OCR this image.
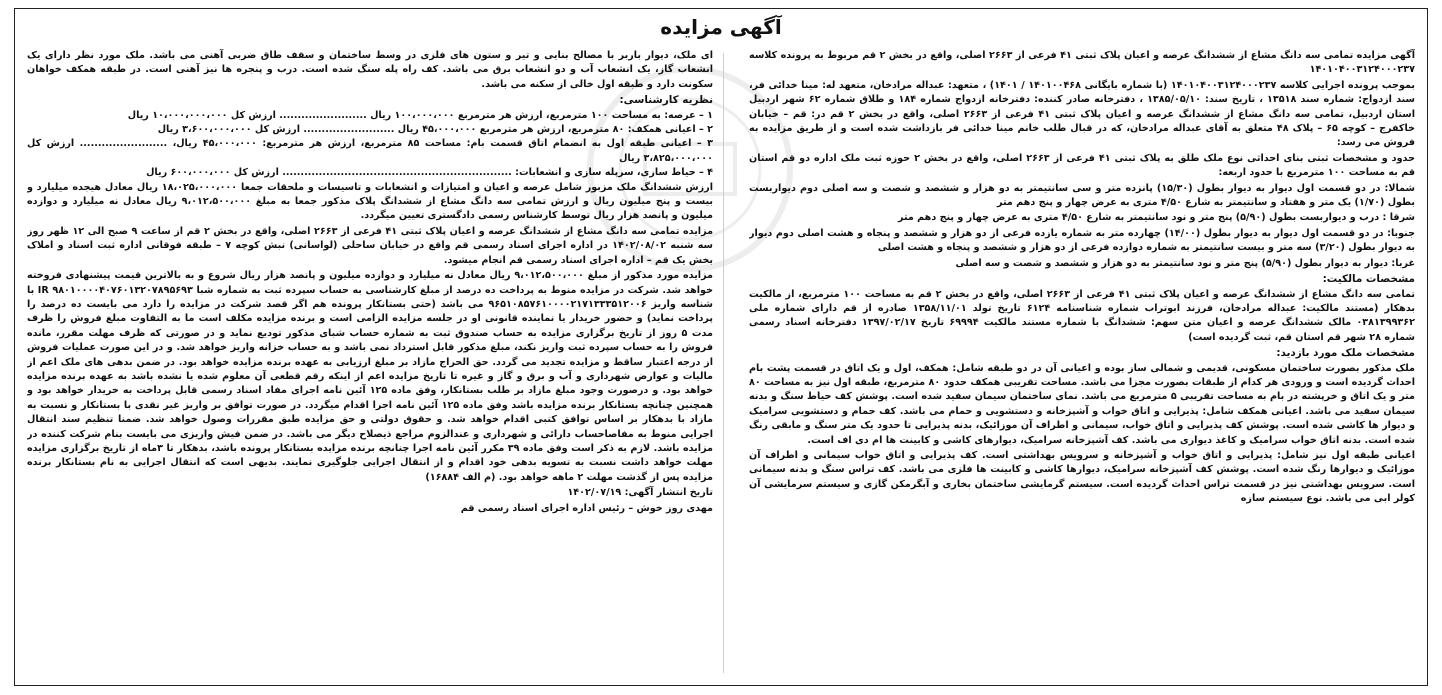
آگهی مزایده

آگهی مزایده تمامی سه دانگ مشاع از ششدانگ عرصه و اعیان پلاک ثبتی ۴۱ فرعی از ۲۶۶۳ اصلی، واقع در بخش ۲ قم مربوط به پرونده کلاسه ۱۴۰۱۰۴۰۰۳۱۲۴۰۰۰۲۳۷

بموجب پرونده اجرایی کلاسه ۱۴۰۱۰۴۰۰۳۱۲۴۰۰۰۲۳۷ (با شماره بایگانی ۱۴۰۱۰۰۴۶۸ / ۱۴۰۱) ، متعهد: عبداله مرادخان، متعهد له: مینا خدائی فر، سند ازدواج: شماره سند ۱۳۵۱۸ ، تاریخ سند: ۱۳۸۵/۰۵/۱۰ ، دفترخانه صادر کننده: دفترخانه ازدواج شماره ۱۸۴ و طلاق شماره ۶۲ شهر اردبیل استان اردبیل، تمامی سه دانگ مشاع از ششدانگ عرصه و اعیان پلاک ثبتی ۴۱ فرعی از ۲۶۶۳ اصلی، واقع در بخش ۲ قم در: قم – خیابان خاکفرج – کوچه ۶۵ – پلاک ۴۸ متعلق به آقای عبداله مرادخان، که در قبال طلب خانم مینا خدائی فر بازداشت شده است و از طریق مزایده به فروش می رسد:

حدود و مشخصات ثبتی بنای احداثی نوع ملک طلق به پلاک ثبتی ۴۱ فرعی از ۲۶۶۳ اصلی، واقع در بخش ۲ حوزه ثبت ملک اداره دو قم استان قم به مساحت ۱۰۰ مترمربع با حدود اربعه:

شمالا: در دو قسمت اول دیوار به دیوار بطول (۱۵/۳۰) پانزده متر و سی سانتیمتر به دو هزار و ششصد و شصت و سه اصلی دوم دیواربست بطول (۱/۷۰) یک متر و هفتاد و سانتیمتر به شارع ۴/۵۰ متری به عرض چهار و پنج دهم متر

شرقا : درب و دیواربست بطول (۵/۹۰) پنج متر و نود سانتیمتر به شارع ۴/۵۰ متری به عرض چهار و پنج دهم متر

جنوبا: در دو قسمت اول دیوار به دیوار بطول (۱۴/۰۰) چهارده متر به شماره یازده فرعی از دو هزار و ششصد و پنجاه و هشت اصلی دوم دیوار به دیوار بطول (۳/۲۰) سه متر و بیست سانتیمتر به شماره دوازده فرعی از دو هزار و ششصد و پنجاه و هشت اصلی

غربا: دیوار به دیوار بطول (۵/۹۰) پنج متر و نود سانتیمتر به دو هزار و ششصد و شصت و سه اصلی

مشخصات مالکیت:

تمامی سه دانگ مشاع از ششدانگ عرصه و اعیان پلاک ثبتی ۴۱ فرعی از ۲۶۶۳ اصلی، واقع در بخش ۲ قم به مساحت ۱۰۰ مترمربع، از مالکیت بدهکار (مستند مالکیت: عبداله مرادخان، فرزند ابوتراب شماره شناسنامه ۶۱۲۴ تاریخ تولد ۱۳۵۸/۱۱/۰۱ صادره از قم دارای شماره ملی ۰۳۸۱۳۹۹۳۶۲ مالک ششدانگ عرصه و اعیان متن سهم: ششدانگ با شماره مستند مالکیت ۶۹۹۹۴ تاریخ ۱۳۹۷/۰۲/۱۷ دفترخانه اسناد رسمی شماره ۲۸ شهر قم استان قم، ثبت گردیده است)

مشخصات ملک مورد بازدید:

ملک مذکور بصورت ساختمان مسکونی، قدیمی و شمالی ساز بوده و اعیانی آن در دو طبقه شامل: همکف، اول و یک اتاق در قسمت پشت بام احداث گردیده است و ورودی هر کدام از طبقات بصورت مجزا می باشد. مساحت تقریبی همکف حدود ۸۰ مترمربع، طبقه اول نیز به مساحت ۸۰ متر و یک اتاق و خرپشته در بام به مساحت تقریبی ۵ مترمربع می باشد. نمای ساختمان سیمان سفید شده است. پوشش کف حیاط سنگ و بدنه سیمان سفید می باشد. اعیانی همکف شامل: پذیرایی و اتاق خواب و آشپزخانه و دستشویی و حمام می باشد. کف حمام و دستشویی سرامیک و دیوار ها کاشی شده است. پوشش کف پذیرایی و اتاق خواب، سیمانی و اطراف آن موزائیک، بدنه پذیرایی تا حدود یک متر سنگ و مابقی رنگ شده است. بدنه اتاق خواب سرامیک و کاغذ دیواری می باشد. کف آشپزخانه سرامیک، دیوارهای کاشی و کابینت ها ام دی اف است.

اعیانی طبقه اول نیز شامل: پذیرایی و اتاق خواب و آشپزخانه و سرویس بهداشتی است. کف پذیرایی و اتاق خواب سیمانی و اطراف آن موزائیک و دیوارها رنگ شده است. پوشش کف آشپزخانه سرامیک، دیوارها کاشی و کابینت ها فلزی می باشد. کف تراس سنگ و بدنه سیمانی است. سرویس بهداشتی نیز در قسمت تراس احداث گردیده است. سیستم گرمایشی ساختمان بخاری و آبگرمکن گازی و سیستم سرمایشی آن کولر ابی می باشد. نوع سیستم سازه

ای ملک، دیوار باربر با مصالح بنایی و تیر و ستون های فلزی در وسط ساختمان و سقف طاق ضربی آهنی می باشد. ملک مورد نظر دارای یک انشعاب گاز، یک انشعاب آب و دو انشعاب برق می باشد. کف راه پله سنگ شده است. درب و پنجره ها نیز آهنی است. در طبقه همکف خواهان سکونت دارد و طبقه اول خالی از سکنه می باشد.

نظریه کارشناسی:

۱ – عرصه: به مساحت ۱۰۰ مترمربع، ارزش هر مترمربع ۱۰۰،۰۰۰،۰۰۰ ریال ........................ ارزش کل ۱۰،۰۰۰،۰۰۰،۰۰۰ ریال

۲ – اعیانی همکف: ۸۰ مترمربع، ارزش هر مترمربع ۴۵،۰۰۰،۰۰۰ ریال ......................... ارزش کل ۳،۶۰۰،۰۰۰،۰۰۰ ریال

۳ – اعیانی طبقه اول به انضمام اتاق قسمت بام: مساحت ۸۵ مترمربع، ارزش هر مترمربع: ۴۵،۰۰۰،۰۰۰ ریال، ........................ ارزش کل ۳،۸۲۵،۰۰۰،۰۰۰ ریال

۴ – حیاط سازی، سرپله سازی و انشعابات: ............................................................... ارزش کل ۶۰۰،۰۰۰،۰۰۰ ریال

ارزش ششدانگ ملک مزبور شامل عرصه و اعیان و امتیازات و انشعابات و تاسیسات و ملحقات جمعا ۱۸،۰۲۵،۰۰۰،۰۰۰ ریال معادل هیجده میلیارد و بیست و پنج میلیون ریال و ارزش تمامی سه دانگ مشاع از ششدانگ پلاک مذکور جمعا به مبلغ ۹،۰۱۲،۵۰۰،۰۰۰ ریال معادل نه میلیارد و دوازده میلیون و پانصد هزار ریال توسط کارشناس رسمی دادگستری تعیین میگردد.

مزایده تمامی سه دانگ مشاع از ششدانگ عرصه و اعیان پلاک ثبتی ۴۱ فرعی از ۲۶۶۳ اصلی، واقع در بخش ۲ قم از ساعت ۹ صبح الی ۱۲ ظهر روز سه شنبه ۱۴۰۲/۰۸/۰۲ در اداره اجرای اسناد رسمی قم واقع در خیابان ساحلی (لواسانی) نبش کوچه ۷ – طبقه فوقانی اداره ثبت اسناد و املاک بخش یک قم – اداره اجرای اسناد رسمی قم انجام میشود.

مزایده مورد مذکور از مبلغ ۹،۰۱۲،۵۰۰،۰۰۰ ریال معادل نه میلیارد و دوازده میلیون و پانصد هزار ریال شروع و به بالاترین قیمت پیشنهادی فروخته خواهد شد. شرکت در مزایده منوط به پرداخت ده درصد از مبلغ کارشناسی به حساب سپرده ثبت به شماره شبا IR ۹۸۰۱۰۰۰۰۴۰۷۶۰۱۳۲۰۷۸۹۵۶۹۳ با شناسه واریز ۹۶۵۱۰۸۵۷۶۱۰۰۰۰۲۱۷۱۳۳۳۵۱۲۰۰۶ می باشد (حتی بستانکار پرونده هم اگر قصد شرکت در مزایده را دارد می بایست ده درصد را پرداخت نماید) و حضور خریدار یا نماینده قانونی او در جلسه مزایده الزامی است و برنده مزایده مکلف است ما به التفاوت مبلغ فروش را ظرف مدت ۵ روز از تاریخ برگزاری مزایده به حساب صندوق ثبت به شماره حساب شبای مذکور تودیع نماید و در صورتی که ظرف مهلت مقرر، مانده فروش را به حساب سپرده ثبت واریز نکند، مبلغ مذکور قابل استرداد نمی باشد و به حساب خزانه واریز خواهد شد. و در این صورت عملیات فروش از درجه اعتبار ساقط و مزایده تجدید می گردد. حق الحراج مازاد بر مبلغ ارزیابی به عهده برنده مزایده خواهد بود. در ضمن بدهی های ملک اعم از مالیات و عوارض شهرداری و آب و برق و گاز و غیره تا تاریخ مزایده اعم از اینکه رقم قطعی آن معلوم شده یا نشده باشد به عهده برنده مزایده خواهد بود. و درصورت وجود مبلغ مازاد بر طلب بستانکار، وفق ماده ۱۲۵ آئین نامه اجرای مفاد اسناد رسمی قابل پرداخت به خریدار خواهد بود و همچنین چنانچه بستانکار برنده مزایده باشد وفق ماده ۱۲۵ آئین نامه اجرا اقدام میگردد. در صورت توافق بر واریز غیر نقدی با بستانکار و نسبت به مازاد با بدهکار بر اساس توافق کتبی اقدام خواهد شد. و حقوق دولتی و حق مزایده طبق مقررات وصول خواهد شد. ضمنا تنظیم سند انتقال اجرایی منوط به مفاصاحساب دارائی و شهرداری و عندالزوم مراجع ذیصلاح دیگر می باشد. در ضمن فیش واریزی می بایست بنام شرکت کننده در مزایده باشد. لازم به ذکر است وفق ماده ۳۹ مکرر آئین نامه اجرا چنانچه برنده مزایده بستانکار پرونده باشد، بدهکار تا ۳ماه از تاریخ برگزاری مزایده مهلت خواهد داشت نسبت به تسویه بدهی خود اقدام و از انتقال اجرایی جلوگیری نمایند. بدیهی است که انتقال اجرایی به نام بستانکار برنده مزایده پس از گذشت مهلت ۲ ماهه خواهد بود. (م الف ۱۶۸۸۴)

تاریخ انتشار آگهی: ۱۴۰۲/۰۷/۱۹

مهدی روز خوش – رئیس اداره اجرای اسناد رسمی قم
